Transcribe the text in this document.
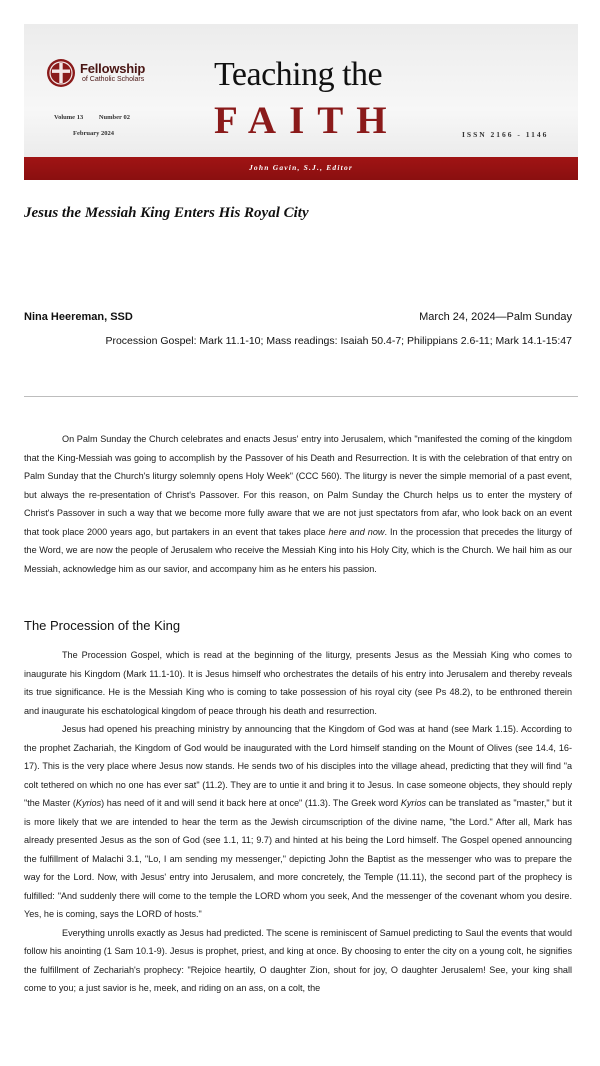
Fellowship
of Catholic Scholars
Volume 13 Number 02
February 2024
Teaching the
FAITH	ISSN 2166 - 1146
John Gavin, S.J., Editor
Jesus the Messiah King Enters His Royal City
Nina Heereman, SSD	March 24, 2024—Palm Sunday
Procession Gospel: Mark 11.1-10; Mass readings: Isaiah 50.4-7; Philippians 2.6-11; Mark 14.1-15:47

On Palm Sunday the Church celebrates and enacts Jesus' entry into Jerusalem, which "manifested the coming of the kingdom that the King-Messiah was going to accomplish by the Passover of his Death and Resurrection. It is with the celebration of that entry on Palm Sunday that the Church's liturgy solemnly opens Holy Week" (CCC 560). The liturgy is never the simple memorial of a past event, but always the re-presentation of Christ's Passover. For this reason, on Palm Sunday the Church helps us to enter the mystery of Christ's Passover in such a way that we become more fully aware that we are not just spectators from afar, who look back on an event that took place 2000 years ago, but partakers in an event that takes place here and now. In the procession that precedes the liturgy of the Word, we are now the people of Jerusalem who receive the Messiah King into his Holy City, which is the Church. We hail him as our Messiah, acknowledge him as our savior, and accompany him as he enters his passion.

The Procession of the King

The Procession Gospel, which is read at the beginning of the liturgy, presents Jesus as the Messiah King who comes to inaugurate his Kingdom (Mark 11.1-10). It is Jesus himself who orchestrates the details of his entry into Jerusalem and thereby reveals its true significance. He is the Messiah King who is coming to take possession of his royal city (see Ps 48.2), to be enthroned therein and inaugurate his eschatological kingdom of peace through his death and resurrection.

Jesus had opened his preaching ministry by announcing that the Kingdom of God was at hand (see Mark 1.15). According to the prophet Zachariah, the Kingdom of God would be inaugurated with the Lord himself standing on the Mount of Olives (see 14.4, 16-17). This is the very place where Jesus now stands. He sends two of his disciples into the village ahead, predicting that they will find "a colt tethered on which no one has ever sat" (11.2). They are to untie it and bring it to Jesus. In case someone objects, they should reply "the Master (Kyrios) has need of it and will send it back here at once" (11.3). The Greek word Kyrios can be translated as "master," but it is more likely that we are intended to hear the term as the Jewish circumscription of the divine name, "the Lord." After all, Mark has already presented Jesus as the son of God (see 1.1, 11; 9.7) and hinted at his being the Lord himself. The Gospel opened announcing the fulfillment of Malachi 3.1, "Lo, I am sending my messenger," depicting John the Baptist as the messenger who was to prepare the way for the Lord. Now, with Jesus' entry into Jerusalem, and more concretely, the Temple (11.11), the second part of the prophecy is fulfilled: "And suddenly there will come to the temple the LORD whom you seek, And the messenger of the covenant whom you desire. Yes, he is coming, says the LORD of hosts."

Everything unrolls exactly as Jesus had predicted. The scene is reminiscent of Samuel predicting to Saul the events that would follow his anointing (1 Sam 10.1-9). Jesus is prophet, priest, and king at once. By choosing to enter the city on a young colt, he signifies the fulfillment of Zechariah's prophecy: "Rejoice heartily, O daughter Zion, shout for joy, O daughter Jerusalem! See, your king shall come to you; a just savior is he, meek, and riding on an ass, on a colt, the
